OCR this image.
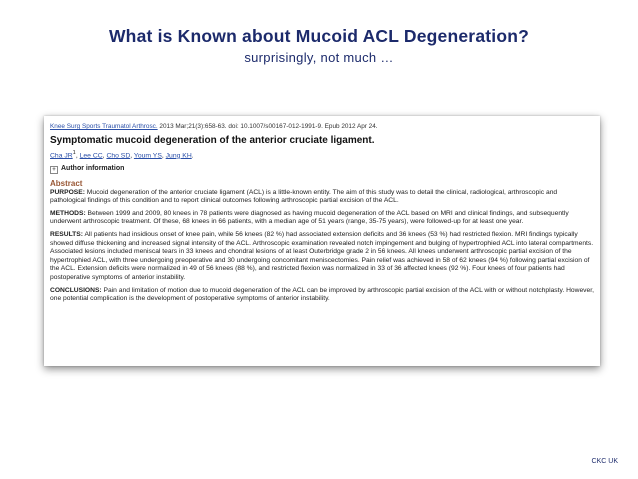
What is Known about Mucoid ACL Degeneration?
surprisingly, not much …
Knee Surg Sports Traumatol Arthrosc. 2013 Mar;21(3):658-63. doi: 10.1007/s00167-012-1991-9. Epub 2012 Apr 24.
Symptomatic mucoid degeneration of the anterior cruciate ligament.
Cha $JR^1$, Lee CC, Cho SD, Youm YS, Jung KH.
+ Author information
Abstract

PURPOSE: Mucoid degeneration of the anterior cruciate ligament (ACL) is a little-known entity. The aim of this study was to detail the clinical, radiological, arthroscopic and pathological findings of this condition and to report clinical outcomes following arthroscopic partial excision of the ACL.

METHODS: Between 1999 and 2009, 80 knees in 78 patients were diagnosed as having mucoid degeneration of the ACL based on MRI and clinical findings, and subsequently underwent arthroscopic treatment. Of these, 68 knees in 66 patients, with a median age of 51 years (range, 35-75 years), were followed-up for at least one year.

RESULTS: All patients had insidious onset of knee pain, while 56 knees (82 %) had associated extension deficits and 36 knees (53 %) had restricted flexion. MRI findings typically showed diffuse thickening and increased signal intensity of the ACL. Arthroscopic examination revealed notch impingement and bulging of hypertrophied ACL into lateral compartments. Associated lesions included meniscal tears in 33 knees and chondral lesions of at least Outerbridge grade 2 in 56 knees. All knees underwent arthroscopic partial excision of the hypertrophied ACL, with three undergoing preoperative and 30 undergoing concomitant meniscectomies. Pain relief was achieved in 58 of 62 knees (94 %) following partial excision of the ACL. Extension deficits were normalized in 49 of 56 knees (88 %), and restricted flexion was normalized in 33 of 36 affected knees (92 %). Four knees of four patients had postoperative symptoms of anterior instability.

CONCLUSIONS: Pain and limitation of motion due to mucoid degeneration of the ACL can be improved by arthroscopic partial excision of the ACL with or without notchplasty. However, one potential complication is the development of postoperative symptoms of anterior instability.

CKC UK
